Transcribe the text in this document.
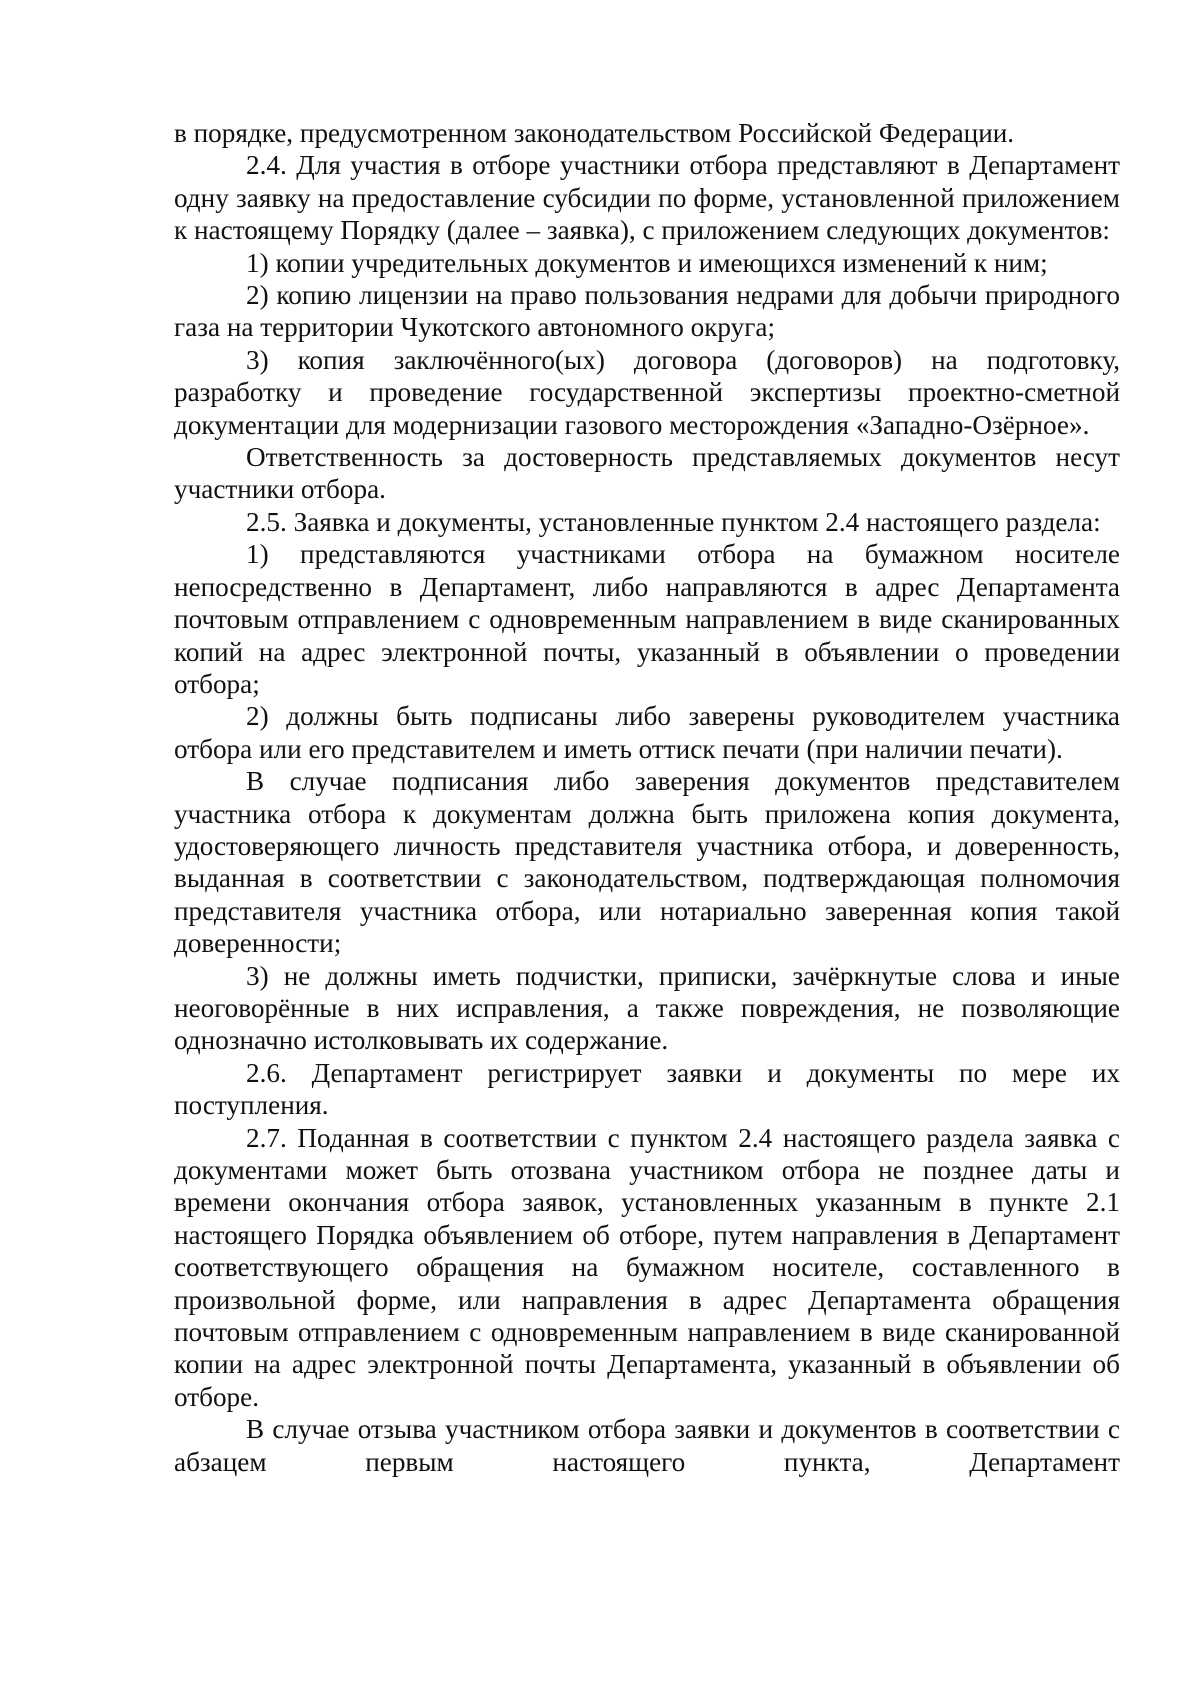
в порядке, предусмотренном законодательством Российской Федерации.

2.4. Для участия в отборе участники отбора представляют в Департамент одну заявку на предоставление субсидии по форме, установленной приложением к настоящему Порядку (далее – заявка), с приложением следующих документов:

1) копии учредительных документов и имеющихся изменений к ним;

2) копию лицензии на право пользования недрами для добычи природного газа на территории Чукотского автономного округа;

3) копия заключённого(ых) договора (договоров) на подготовку, разработку и проведение государственной экспертизы проектно-сметной документации для модернизации газового месторождения «Западно-Озёрное».

Ответственность за достоверность представляемых документов несут участники отбора.

2.5. Заявка и документы, установленные пунктом 2.4 настоящего раздела:

1) представляются участниками отбора на бумажном носителе непосредственно в Департамент, либо направляются в адрес Департамента почтовым отправлением с одновременным направлением в виде сканированных копий на адрес электронной почты, указанный в объявлении о проведении отбора;

2) должны быть подписаны либо заверены руководителем участника отбора или его представителем и иметь оттиск печати (при наличии печати).

В случае подписания либо заверения документов представителем участника отбора к документам должна быть приложена копия документа, удостоверяющего личность представителя участника отбора, и доверенность, выданная в соответствии с законодательством, подтверждающая полномочия представителя участника отбора, или нотариально заверенная копия такой доверенности;

3) не должны иметь подчистки, приписки, зачёркнутые слова и иные неоговорённые в них исправления, а также повреждения, не позволяющие однозначно истолковывать их содержание.

2.6. Департамент регистрирует заявки и документы по мере их поступления.

2.7. Поданная в соответствии с пунктом 2.4 настоящего раздела заявка с документами может быть отозвана участником отбора не позднее даты и времени окончания отбора заявок, установленных указанным в пункте 2.1 настоящего Порядка объявлением об отборе, путем направления в Департамент соответствующего обращения на бумажном носителе, составленного в произвольной форме, или направления в адрес Департамента обращения почтовым отправлением с одновременным направлением в виде сканированной копии на адрес электронной почты Департамента, указанный в объявлении об отборе.

В случае отзыва участником отбора заявки и документов в соответствии с абзацем первым настоящего пункта, Департамент
